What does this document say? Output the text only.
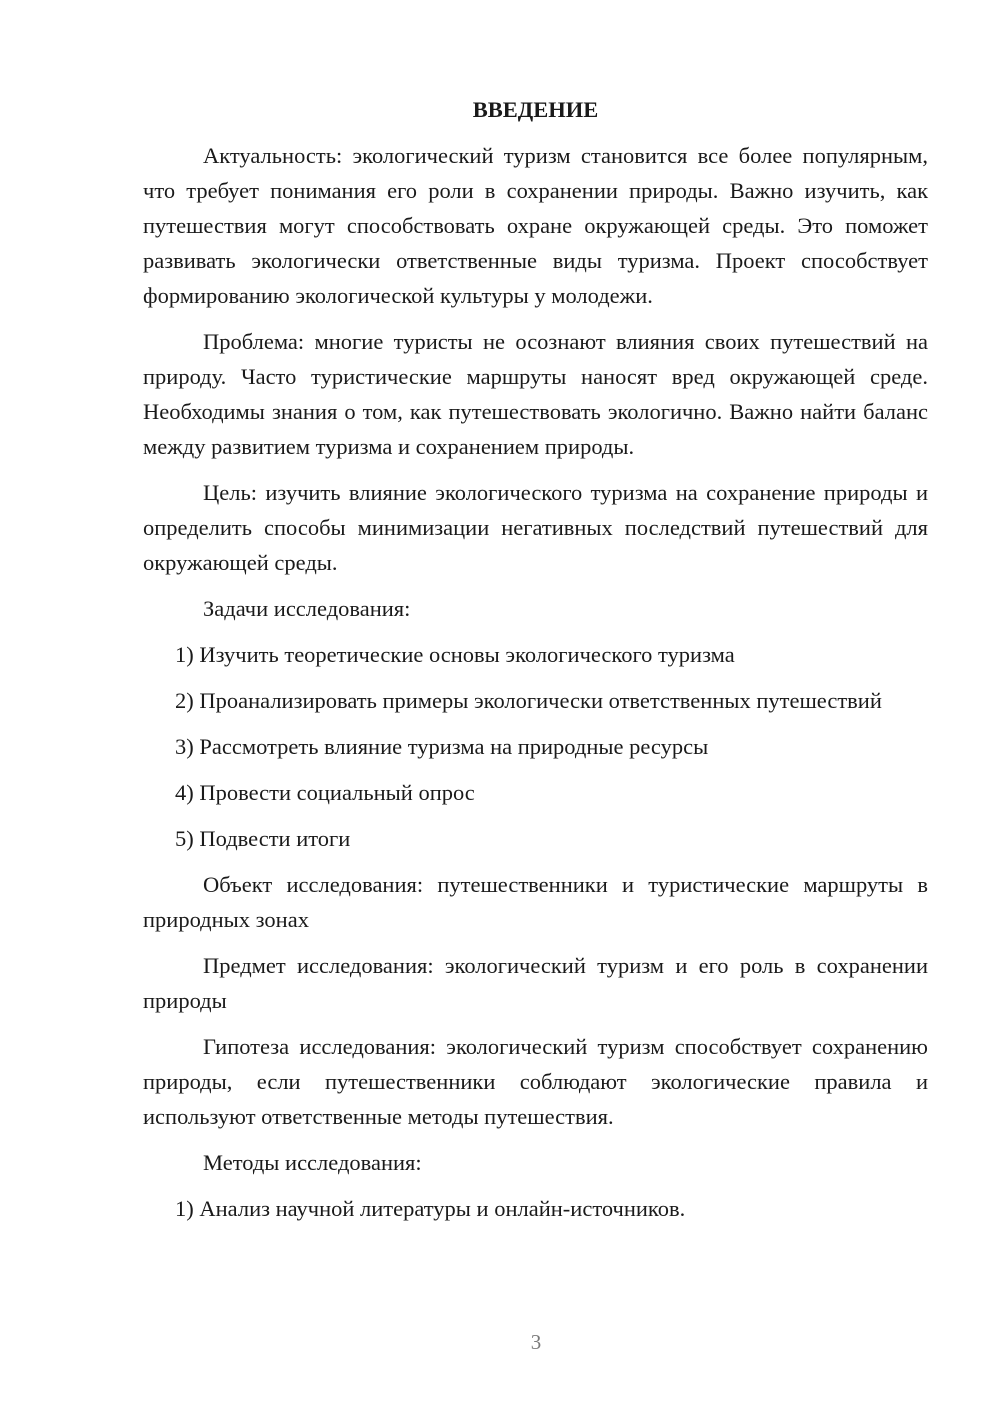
ВВЕДЕНИЕ

Актуальность: экологический туризм становится все более популярным, что требует понимания его роли в сохранении природы. Важно изучить, как путешествия могут способствовать охране окружающей среды. Это поможет развивать экологически ответственные виды туризма. Проект способствует формированию экологической культуры у молодежи.

Проблема: многие туристы не осознают влияния своих путешествий на природу. Часто туристические маршруты наносят вред окружающей среде. Необходимы знания о том, как путешествовать экологично. Важно найти баланс между развитием туризма и сохранением природы.

Цель: изучить влияние экологического туризма на сохранение природы и определить способы минимизации негативных последствий путешествий для окружающей среды.

Задачи исследования:

1) Изучить теоретические основы экологического туризма

2) Проанализировать примеры экологически ответственных путешествий

3) Рассмотреть влияние туризма на природные ресурсы

4) Провести социальный опрос

5) Подвести итоги

Объект исследования: путешественники и туристические маршруты в природных зонах

Предмет исследования: экологический туризм и его роль в сохранении природы

Гипотеза исследования: экологический туризм способствует сохранению природы, если путешественники соблюдают экологические правила и используют ответственные методы путешествия.

Методы исследования:

1) Анализ научной литературы и онлайн-источников.

3
